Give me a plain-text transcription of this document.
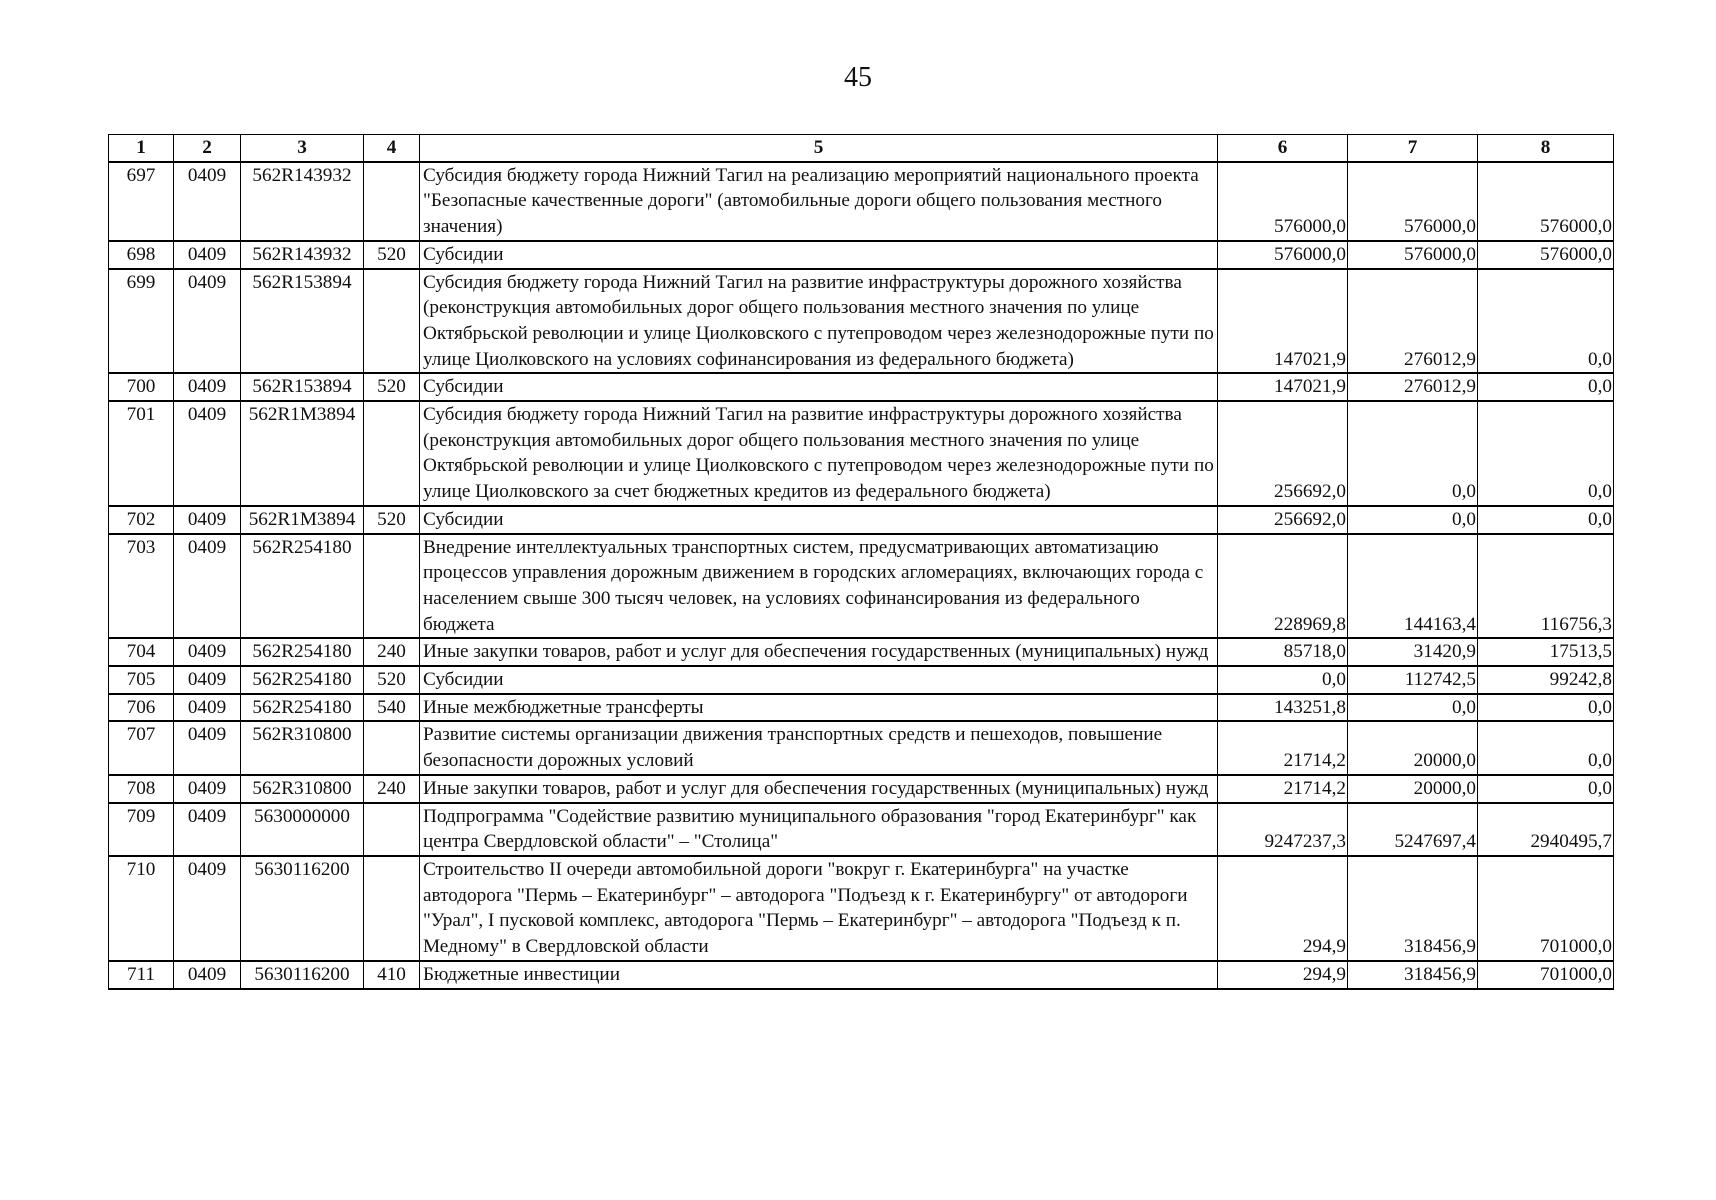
45
1	2	3	4	5	6	7	8
697	0409	562R143932		Субсидия бюджету города Нижний Тагил на реализацию мероприятий национального проекта "Безопасные качественные дороги" (автомобильные дороги общего пользования местного значения)	576000,0	576000,0	576000,0
698	0409	562R143932	520	Субсидии	576000,0	576000,0	576000,0
699	0409	562R153894		Субсидия бюджету города Нижний Тагил на развитие инфраструктуры дорожного хозяйства (реконструкция автомобильных дорог общего пользования местного значения по улице Октябрьской революции и улице Циолковского с путепроводом через железнодорожные пути по улице Циолковского на условиях софинансирования из федерального бюджета)	147021,9	276012,9	0,0
700	0409	562R153894	520	Субсидии	147021,9	276012,9	0,0
701	0409	562R1M3894		Субсидия бюджету города Нижний Тагил на развитие инфраструктуры дорожного хозяйства (реконструкция автомобильных дорог общего пользования местного значения по улице Октябрьской революции и улице Циолковского с путепроводом через железнодорожные пути по улице Циолковского за счет бюджетных кредитов из федерального бюджета)	256692,0	0,0	0,0
702	0409	562R1M3894	520	Субсидии	256692,0	0,0	0,0
703	0409	562R254180		Внедрение интеллектуальных транспортных систем, предусматривающих автоматизацию процессов управления дорожным движением в городских агломерациях, включающих города с населением свыше 300 тысяч человек, на условиях софинансирования из федерального бюджета	228969,8	144163,4	116756,3
704	0409	562R254180	240	Иные закупки товаров, работ и услуг для обеспечения государственных (муниципальных) нужд	85718,0	31420,9	17513,5
705	0409	562R254180	520	Субсидии	0,0	112742,5	99242,8
706	0409	562R254180	540	Иные межбюджетные трансферты	143251,8	0,0	0,0
707	0409	562R310800		Развитие системы организации движения транспортных средств и пешеходов, повышение безопасности дорожных условий	21714,2	20000,0	0,0
708	0409	562R310800	240	Иные закупки товаров, работ и услуг для обеспечения государственных (муниципальных) нужд	21714,2	20000,0	0,0
709	0409	5630000000		Подпрограмма "Содействие развитию муниципального образования "город Екатеринбург" как центра Свердловской области" – "Столица"	9247237,3	5247697,4	2940495,7
710	0409	5630116200		Строительство II очереди автомобильной дороги "вокруг г. Екатеринбурга" на участке автодорога "Пермь – Екатеринбург" – автодорога "Подъезд к г. Екатеринбургу" от автодороги "Урал", I пусковой комплекс, автодорога "Пермь – Екатеринбург" – автодорога "Подъезд к п. Медному" в Свердловской области	294,9	318456,9	701000,0
711	0409	5630116200	410	Бюджетные инвестиции	294,9	318456,9	701000,0
